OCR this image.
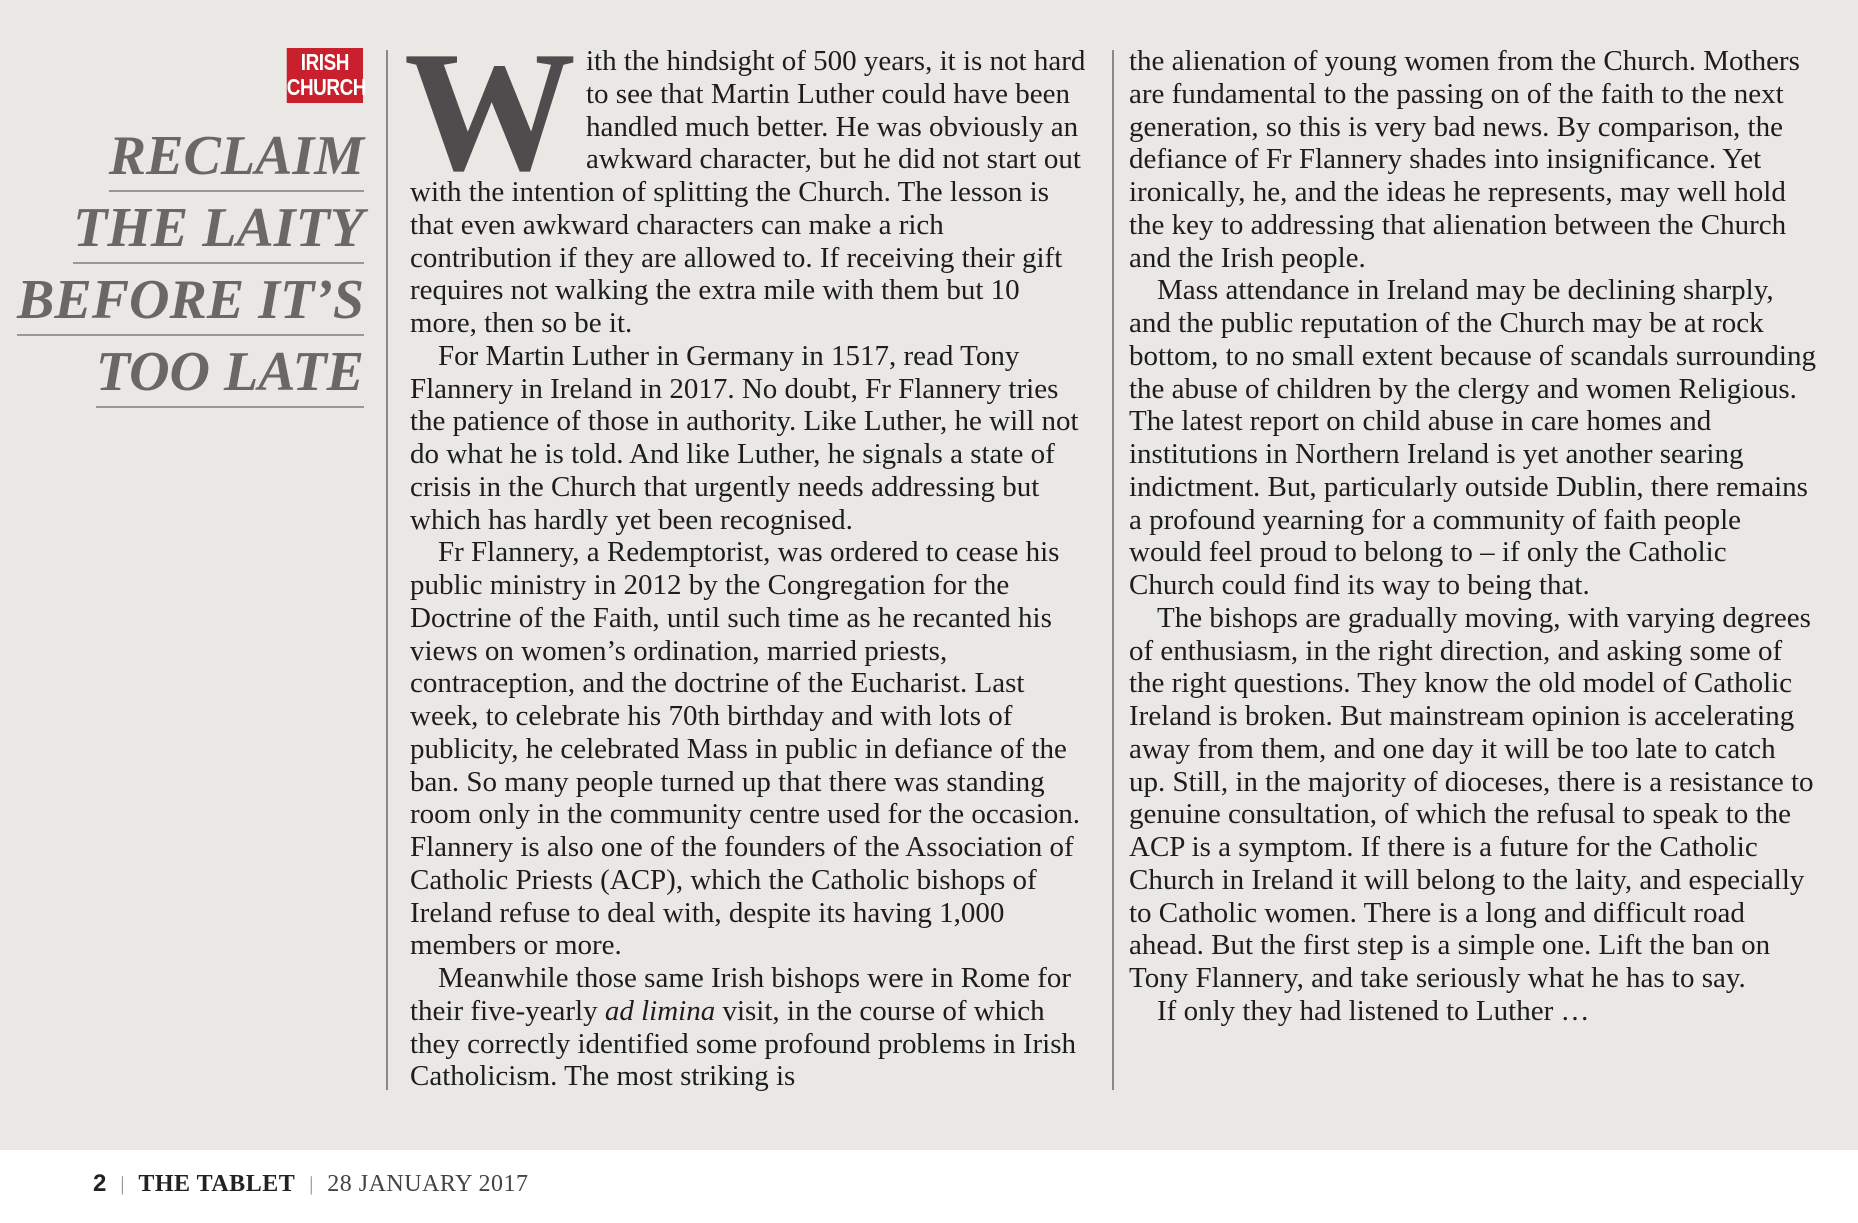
IRISH
CHURCH
RECLAIM
THE LAITY
BEFORE IT’S
TOO LATE

With the hindsight of 500 years, it is not hard to see that Martin Luther could have been handled much better. He was obviously an awkward character, but he did not start out with the intention of splitting the Church. The lesson is that even awkward characters can make a rich contribution if they are allowed to. If receiving their gift requires not walking the extra mile with them but 10 more, then so be it.

For Martin Luther in Germany in 1517, read Tony Flannery in Ireland in 2017. No doubt, Fr Flannery tries the patience of those in authority. Like Luther, he will not do what he is told. And like Luther, he signals a state of crisis in the Church that urgently needs addressing but which has hardly yet been recognised.

Fr Flannery, a Redemptorist, was ordered to cease his public ministry in 2012 by the Congregation for the Doctrine of the Faith, until such time as he recanted his views on women’s ordination, married priests, contraception, and the doctrine of the Eucharist. Last week, to celebrate his 70th birthday and with lots of publicity, he celebrated Mass in public in defiance of the ban. So many people turned up that there was standing room only in the community centre used for the occasion. Flannery is also one of the founders of the Association of Catholic Priests (ACP), which the Catholic bishops of Ireland refuse to deal with, despite its having 1,000 members or more.

Meanwhile those same Irish bishops were in Rome for their five-yearly ad limina visit, in the course of which they correctly identified some profound problems in Irish Catholicism. The most striking is

the alienation of young women from the Church. Mothers are fundamental to the passing on of the faith to the next generation, so this is very bad news. By comparison, the defiance of Fr Flannery shades into insignificance. Yet ironically, he, and the ideas he represents, may well hold the key to addressing that alienation between the Church and the Irish people.

Mass attendance in Ireland may be declining sharply, and the public reputation of the Church may be at rock bottom, to no small extent because of scandals surrounding the abuse of children by the clergy and women Religious. The latest report on child abuse in care homes and institutions in Northern Ireland is yet another searing indictment. But, particularly outside Dublin, there remains a profound yearning for a community of faith people would feel proud to belong to – if only the Catholic Church could find its way to being that.

The bishops are gradually moving, with varying degrees of enthusiasm, in the right direction, and asking some of the right questions. They know the old model of Catholic Ireland is broken. But mainstream opinion is accelerating away from them, and one day it will be too late to catch up. Still, in the majority of dioceses, there is a resistance to genuine consultation, of which the refusal to speak to the ACP is a symptom. If there is a future for the Catholic Church in Ireland it will belong to the laity, and especially to Catholic women. There is a long and difficult road ahead. But the first step is a simple one. Lift the ban on Tony Flannery, and take seriously what he has to say.

If only they had listened to Luther …

2 | THE TABLET | 28 JANUARY 2017
